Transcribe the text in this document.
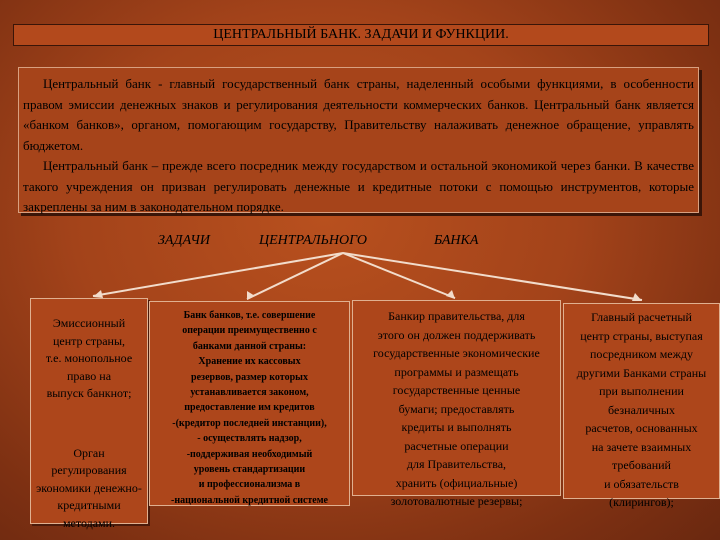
ЦЕНТРАЛЬНЫЙ БАНК. ЗАДАЧИ И ФУНКЦИИ.

Центральный банк - главный государственный банк страны, наделенный особыми функциями, в особенности правом эмиссии денежных знаков и регулирования деятельности коммерческих банков. Центральный банк является «банком банков», органом, помогающим государству, Правительству налаживать денежное обращение, управлять бюджетом.

Центральный банк – прежде всего посредник между государством и остальной экономикой через банки. В качестве такого учреждения он призван регулировать денежные и кредитные потоки с помощью инструментов, которые закреплены за ним в законодательном порядке.

ЗАДАЧИ	ЦЕНТРАЛЬНОГО	БАНКА
Эмиссионный
центр страны,
т.е. монопольное
право на
выпуск банкнот;
Орган
регулирования
экономики денежно-
кредитными
методами.
Банк банков, т.е. совершение
операции преимущественно с
банками данной страны:
Хранение их кассовых
резервов, размер которых
устанавливается законом,
предоставление им кредитов
-(кредитор последней инстанции),
- осуществлять надзор,
-поддерживая необходимый
уровень стандартизации
и профессионализма в
-национальной кредитной системе
Банкир правительства, для
этого он должен поддерживать
государственные экономические
программы и размещать
государственные ценные
бумаги; предоставлять
кредиты и выполнять
расчетные операции
для Правительства,
хранить (официальные)
золотовалютные резервы;
Главный расчетный
центр страны, выступая
посредником между
другими Банками страны
при выполнении
безналичных
расчетов, основанных
на зачете взаимных
требований
и обязательств
(клирингов);
